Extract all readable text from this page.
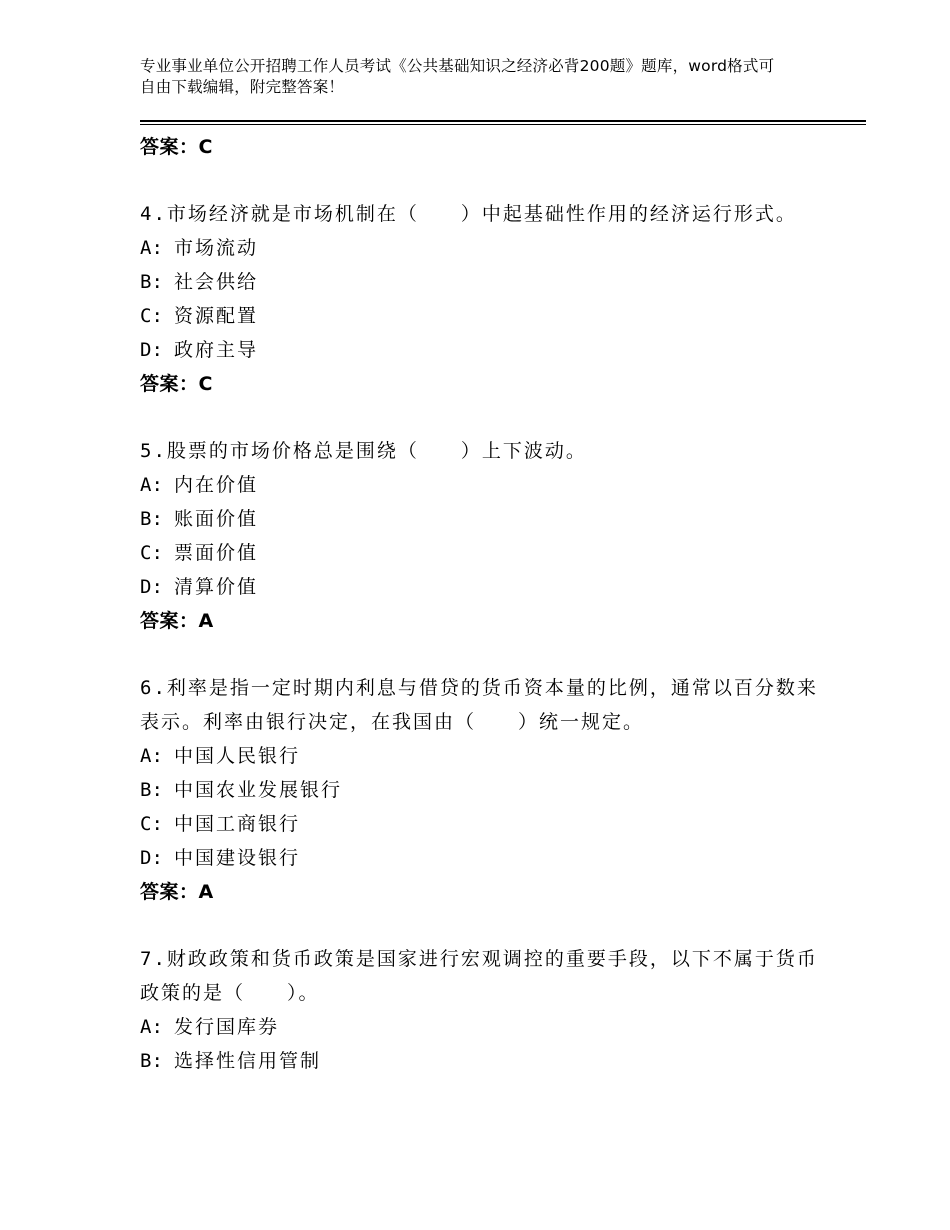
专业事业单位公开招聘工作人员考试《公共基础知识之经济必背200题》题库，word格式可自由下载编辑，附完整答案！
答案：C
4.市场经济就是市场机制在（　　）中起基础性作用的经济运行形式。
A: 市场流动
B: 社会供给
C: 资源配置
D: 政府主导
答案：C
5.股票的市场价格总是围绕（　　）上下波动。
A: 内在价值
B: 账面价值
C: 票面价值
D: 清算价值
答案：A
6.利率是指一定时期内利息与借贷的货币资本量的比例，通常以百分数来表示。利率由银行决定，在我国由（　　）统一规定。
A: 中国人民银行
B: 中国农业发展银行
C: 中国工商银行
D: 中国建设银行
答案：A
7.财政政策和货币政策是国家进行宏观调控的重要手段，以下不属于货币政策的是（　　）。
A: 发行国库券
B: 选择性信用管制
